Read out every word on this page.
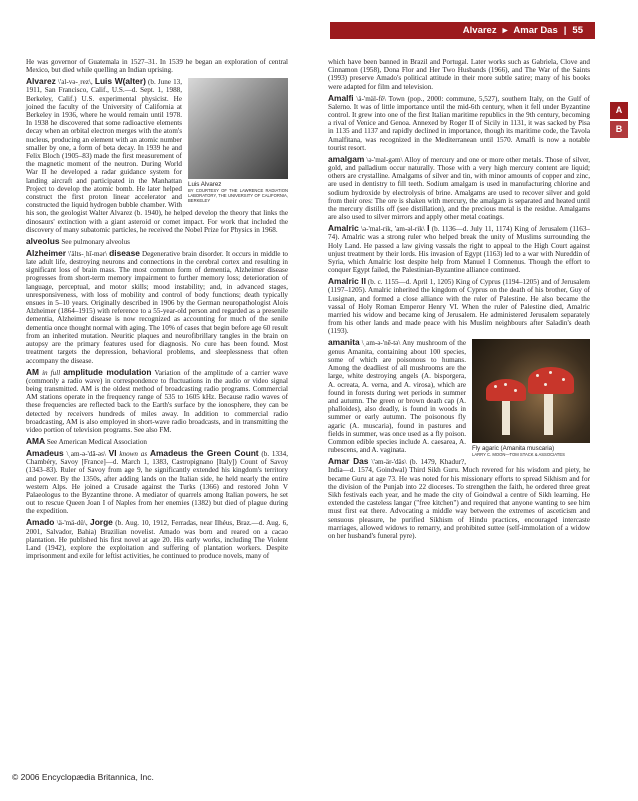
Alvarez ▸ Amar Das | 55
A
B

He was governor of Guatemala in 1527–31. In 1539 he began an exploration of central Mexico, but died while quelling an Indian uprising.

Luis Alvarez
BY COURTESY OF THE LAWRENCE RADIATION LABORATORY, THE UNIVERSITY OF CALIFORNIA, BERKELEY
Alvarez \'al-və-ˌrez\, Luis W(alter) (b. June 13, 1911, San Francisco, Calif., U.S.—d. Sept. 1, 1988, Berkeley, Calif.) U.S. experimental physicist. He joined the faculty of the University of California at Berkeley in 1936, where he would remain until 1978. In 1938 he discovered that some radioactive elements decay when an orbital electron merges with the atom's nucleus, producing an element with an atomic number smaller by one, a form of beta decay. In 1939 he and Felix Bloch (1905–83) made the first measurement of the magnetic moment of the neutron. During World War II he developed a radar guidance system for landing aircraft and participated in the Manhattan Project to develop the atomic bomb. He later helped construct the first proton linear accelerator and constructed the liquid hydrogen bubble chamber. With his son, the geologist Walter Alvarez (b. 1940), he helped develop the theory that links the dinosaurs' extinction with a giant asteroid or comet impact. For work that included the discovery of many subatomic particles, he received the Nobel Prize for Physics in 1968.

alveolus See pulmonary alveolus

Alzheimer \'älts-ˌhī-mər\ disease Degenerative brain disorder. It occurs in middle to late adult life, destroying neurons and connections in the cerebral cortex and resulting in significant loss of brain mass. The most common form of dementia, Alzheimer disease progresses from short-term memory impairment to further memory loss; deterioration of language, perceptual, and motor skills; mood instability; and, in advanced stages, unresponsiveness, with loss of mobility and control of body functions; death typically ensues in 5–10 years. Originally described in 1906 by the German neuropathologist Alois Alzheimer (1864–1915) with reference to a 55-year-old person and regarded as a presenile dementia, Alzheimer disease is now recognized as accounting for much of the senile dementia once thought normal with aging. The 10% of cases that begin before age 60 result from an inherited mutation. Neuritic plaques and neurofibrillary tangles in the brain on autopsy are the primary features used for diagnosis. No cure has been found. Most treatment targets the depression, behavioral problems, and sleeplessness that often accompany the disease.

AM in full amplitude modulation Variation of the amplitude of a carrier wave (commonly a radio wave) in correspondence to fluctuations in the audio or video signal being transmitted. AM is the oldest method of broadcasting radio programs. Commercial AM stations operate in the frequency range of 535 to 1605 kHz. Because radio waves of these frequencies are reflected back to the Earth's surface by the ionosphere, they can be detected by receivers hundreds of miles away. In addition to commercial radio broadcasting, AM is also employed in short-wave radio broadcasts, and in transmitting the video portion of television programs. See also FM.

AMA See American Medical Association

Amadeus \ˌam-ə-'dā-əs\ VI known as Amadeus the Green Count (b. 1334, Chambéry, Savoy [France]—d. March 1, 1383, Castropignano [Italy]) Count of Savoy (1343–83). Ruler of Savoy from age 9, he significantly extended his kingdom's territory and power. By the 1350s, after adding lands on the Italian side, he held nearly the entire western Alps. He joined a Crusade against the Turks (1366) and restored John V Palaeologus to the Byzantine throne. A mediator of quarrels among Italian powers, he set out to rescue Queen Joan I of Naples from her enemies (1382) but died of plague during the expedition.

Amado \ä-'mä-dü\, Jorge (b. Aug. 10, 1912, Ferradas, near Ilhéus, Braz.—d. Aug. 6, 2001, Salvador, Bahia) Brazilian novelist. Amado was born and reared on a cacao plantation. He published his first novel at age 20. His early works, including The Violent Land (1942), explore the exploitation and suffering of plantation workers. Despite imprisonment and exile for leftist activities, he continued to produce novels, many of

which have been banned in Brazil and Portugal. Later works such as Gabriela, Clove and Cinnamon (1958), Dona Flor and Her Two Husbands (1966), and The War of the Saints (1993) preserve Amado's political attitude in their more subtle satire; many of his books were adapted for film and television.

Amalfi \ä-'mäl-fē\ Town (pop., 2000: commune, 5,527), southern Italy, on the Gulf of Salerno. It was of little importance until the mid-6th century, when it fell under Byzantine control. It grew into one of the first Italian maritime republics in the 9th century, becoming a rival of Venice and Genoa. Annexed by Roger II of Sicily in 1131, it was sacked by Pisa in 1135 and 1137 and rapidly declined in importance, though its maritime code, the Tavola Amalfitana, was recognized in the Mediterranean until 1570. Amalfi is now a notable tourist resort.

amalgam \ə-'mal-gəm\ Alloy of mercury and one or more other metals. Those of silver, gold, and palladium occur naturally. Those with a very high mercury content are liquid; others are crystalline. Amalgams of silver and tin, with minor amounts of copper and zinc, are used in dentistry to fill teeth. Sodium amalgam is used in manufacturing chlorine and sodium hydroxide by electrolysis of brine. Amalgams are used to recover silver and gold from their ores: The ore is shaken with mercury, the amalgam is separated and heated until the mercury distills off (see distillation), and the precious metal is the residue. Amalgams are also used to silver mirrors and apply other metal coatings.

Amalric \ə-'mal-rik, 'am-əl-rik\ I (b. 1136—d. July 11, 1174) King of Jerusalem (1163–74). Amalric was a strong ruler who helped break the unity of Muslims surrounding the Holy Land. He passed a law giving vassals the right to appeal to the High Court against unjust treatment by their lords. His invasion of Egypt (1163) led to a war with Nureddin of Syria, which Amalric lost despite help from Manuel I Comnenus. Though the effort to conquer Egypt failed, the Palestinian-Byzantine alliance continued.

Amalric II (b. c. 1155—d. April 1, 1205) King of Cyprus (1194–1205) and of Jerusalem (1197–1205). Amalric inherited the kingdom of Cyprus on the death of his brother, Guy of Lusignan, and formed a close alliance with the ruler of Palestine. He also became the vassal of Holy Roman Emperor Henry VI. When the ruler of Palestine died, Amalric married his widow and became king of Jerusalem. He administered Jerusalem separately from his other lands and made peace with his Muslim neighbours after Saladin's death (1193).

Fly agaric (Amanita muscaria)
LARRY C. MOON—TOM STACK & ASSOCIATES
amanita \ˌam-ə-'nē-tə\ Any mushroom of the genus Amanita, containing about 100 species, some of which are poisonous to humans. Among the deadliest of all mushrooms are the large, white destroying angels (A. bisporgera, A. ocreata, A. verna, and A. virosa), which are found in forests during wet periods in summer and autumn. The green or brown death cap (A. phalloides), also deadly, is found in woods in summer or early autumn. The poisonous fly agaric (A. muscaria), found in pastures and fields in summer, was once used as a fly poison. Common edible species include A. caesarea, A. rubescens, and A. vaginata.

Amar Das \'əm-är-'däs\ (b. 1479, Khadur?, India—d. 1574, Goindwal) Third Sikh Guru. Much revered for his wisdom and piety, he became Guru at age 73. He was noted for his missionary efforts to spread Sikhism and for the division of the Punjab into 22 dioceses. To strengthen the faith, he ordered three great Sikh festivals each year, and he made the city of Goindwal a centre of Sikh learning. He extended the casteless langar ("free kitchen") and required that anyone wanting to see him must first eat there. Advocating a middle way between the extremes of asceticism and sensuous pleasure, he purified Sikhism of Hindu practices, encouraged intercaste marriages, allowed widows to remarry, and prohibited suttee (self-immolation of a widow on her husband's funeral pyre).

© 2006 Encyclopædia Britannica, Inc.
